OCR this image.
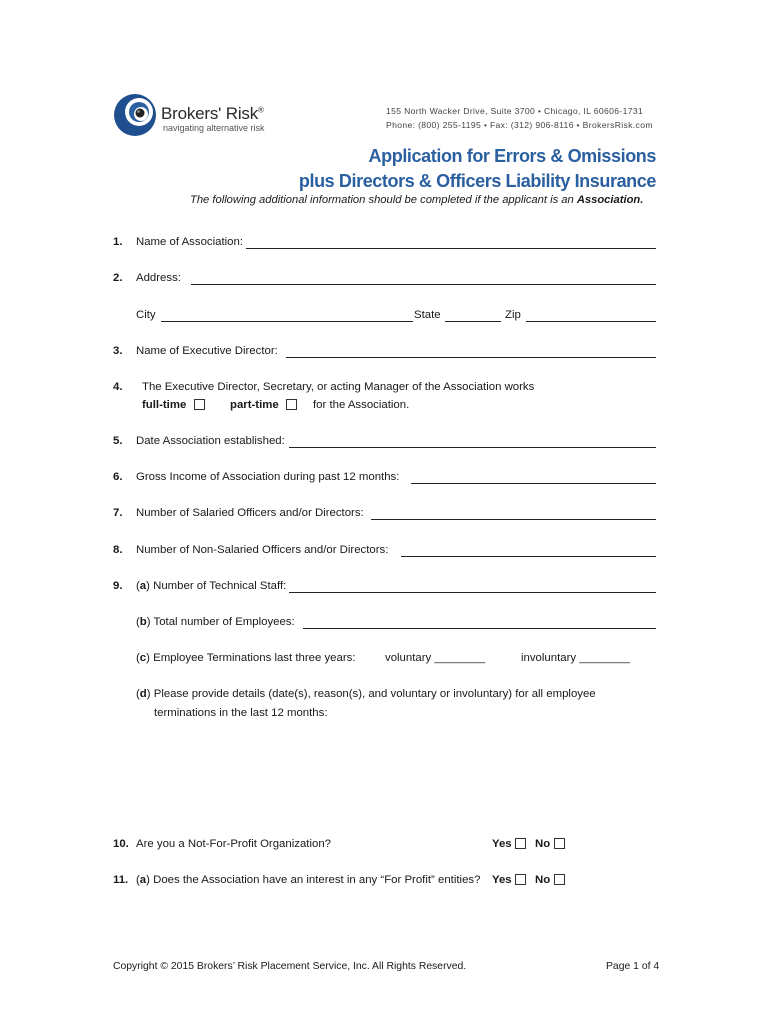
Brokers' Risk®
navigating alternative risk
155 North Wacker Drive, Suite 3700 • Chicago, IL 60606-1731
Phone: (800) 255-1195 • Fax: (312) 906-8116 • BrokersRisk.com
Application for Errors & Omissions
plus Directors & Officers Liability Insurance
The following additional information should be completed if the applicant is an Association.
1. Name of Association:
2. Address:
City	State	Zip
3. Name of Executive Director:
4. The Executive Director, Secretary, or acting Manager of the Association works
full-time	part-time	for the Association.
5. Date Association established:
6. Gross Income of Association during past 12 months:
7. Number of Salaried Officers and/or Directors:
8. Number of Non-Salaried Officers and/or Directors:
9. (a) Number of Technical Staff:
(b) Total number of Employees:
(c) Employee Terminations last three years:	voluntary ________	involuntary ________
(d) Please provide details (date(s), reason(s), and voluntary or involuntary) for all employee
terminations in the last 12 months:
10. Are you a Not-For-Profit Organization?	Yes No
11. (a) Does the Association have an interest in any “For Profit” entities? Yes No
Copyright © 2015 Brokers’ Risk Placement Service, Inc. All Rights Reserved.	Page 1 of 4
